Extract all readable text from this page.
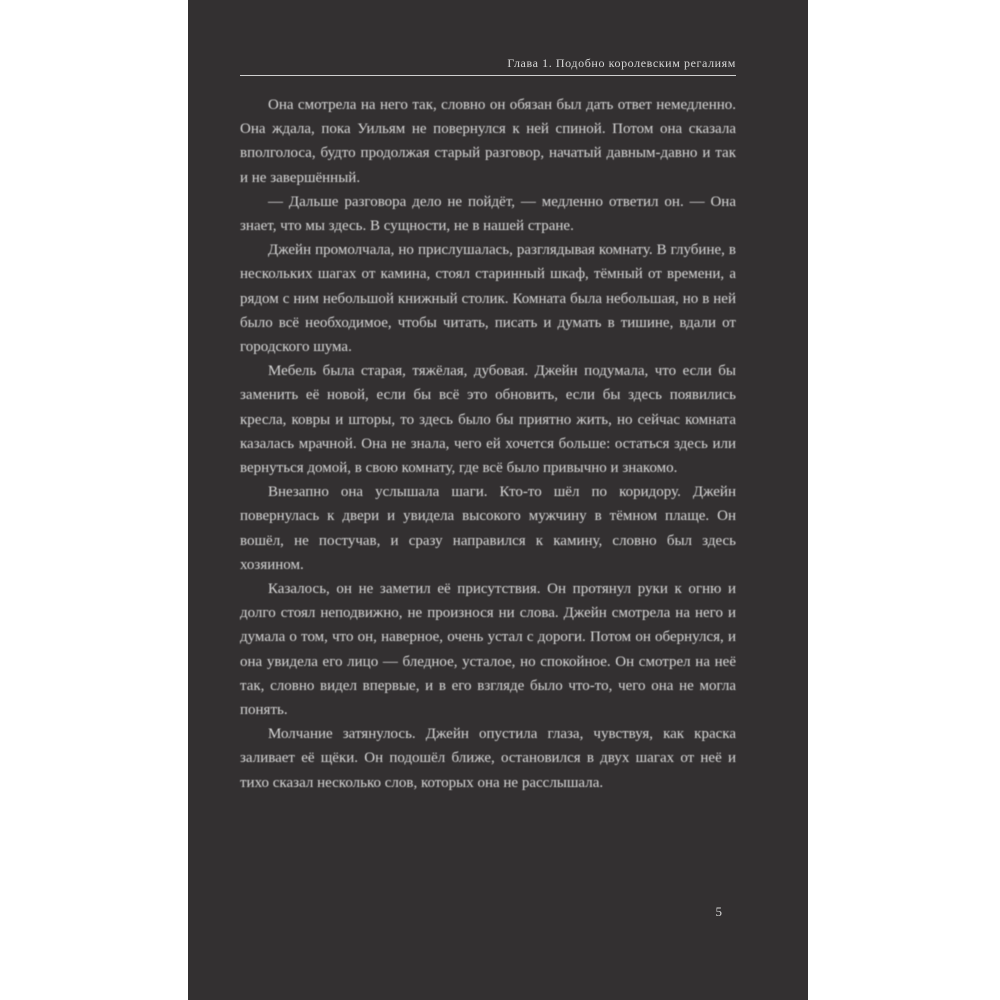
Глава 1. Подобно королевским регалиям

Она смотрела на него так, словно он обязан был дать ответ немедленно. Она ждала, пока Уильям не повернулся к ней спиной. Потом она сказала вполголоса, будто продолжая старый разговор, начатый давным-давно и так и не завершённый.

— Дальше разговора дело не пойдёт, — медленно ответил он. — Она знает, что мы здесь. В сущности, не в нашей стране.

Джейн промолчала, но прислушалась, разглядывая комнату. В глубине, в нескольких шагах от камина, стоял старинный шкаф, тёмный от времени, а рядом с ним небольшой книжный столик. Комната была небольшая, но в ней было всё необходимое, чтобы читать, писать и думать в тишине, вдали от городского шума.

Мебель была старая, тяжёлая, дубовая. Джейн подумала, что если бы заменить её новой, если бы всё это обновить, если бы здесь появились кресла, ковры и шторы, то здесь было бы приятно жить, но сейчас комната казалась мрачной. Она не знала, чего ей хочется больше: остаться здесь или вернуться домой, в свою комнату, где всё было привычно и знакомо.

Внезапно она услышала шаги. Кто-то шёл по коридору. Джейн повернулась к двери и увидела высокого мужчину в тёмном плаще. Он вошёл, не постучав, и сразу направился к камину, словно был здесь хозяином.

Казалось, он не заметил её присутствия. Он протянул руки к огню и долго стоял неподвижно, не произнося ни слова. Джейн смотрела на него и думала о том, что он, наверное, очень устал с дороги. Потом он обернулся, и она увидела его лицо — бледное, усталое, но спокойное. Он смотрел на неё так, словно видел впервые, и в его взгляде было что-то, чего она не могла понять.

Молчание затянулось. Джейн опустила глаза, чувствуя, как краска заливает её щёки. Он подошёл ближе, остановился в двух шагах от неё и тихо сказал несколько слов, которых она не расслышала.

5
